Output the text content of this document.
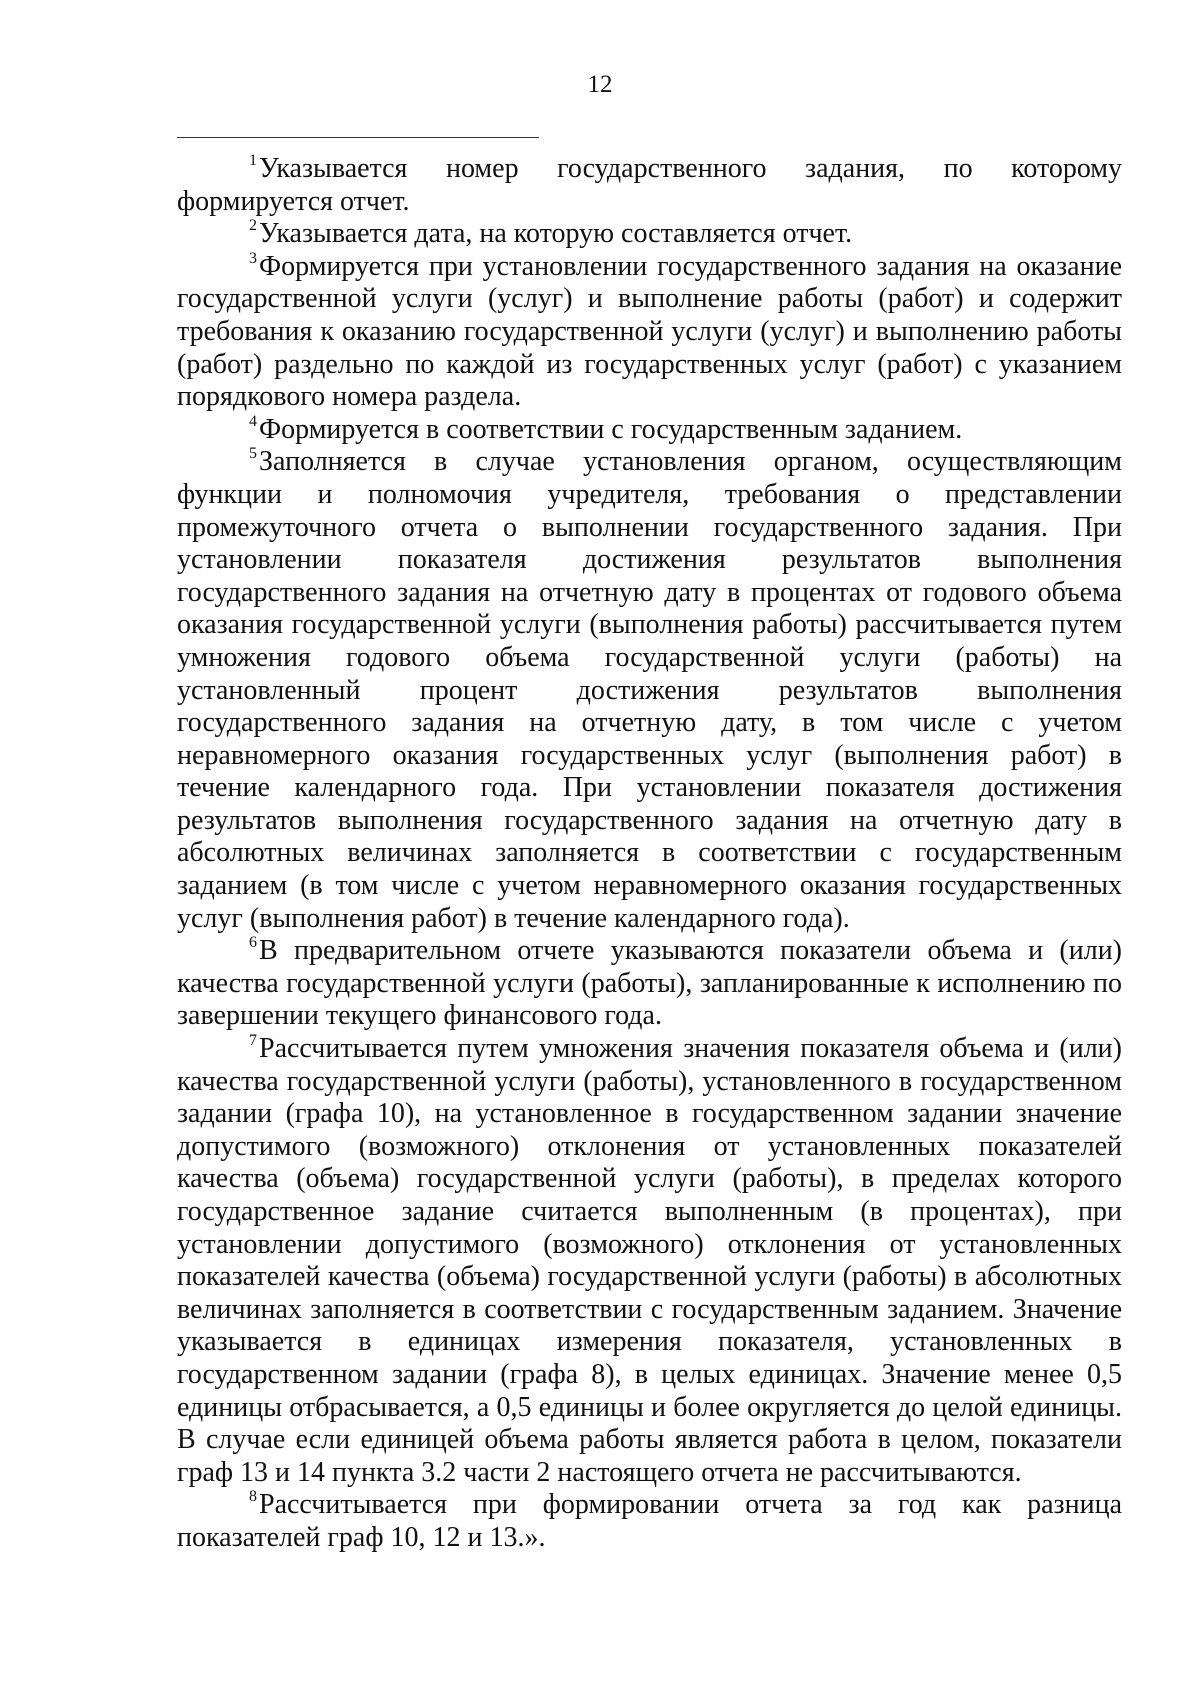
12

$^1$Указывается номер государственного задания, по которому формируется отчет.

$^2$Указывается дата, на которую составляется отчет.

$^3$Формируется при установлении государственного задания на оказание государственной услуги (услуг) и выполнение работы (работ) и содержит требования к оказанию государственной услуги (услуг) и выполнению работы (работ) раздельно по каждой из государственных услуг (работ) с указанием порядкового номера раздела.

$^4$Формируется в соответствии с государственным заданием.

$^5$Заполняется в случае установления органом, осуществляющим функции и полномочия учредителя, требования о представлении промежуточного отчета о выполнении государственного задания. При установлении показателя достижения результатов выполнения государственного задания на отчетную дату в процентах от годового объема оказания государственной услуги (выполнения работы) рассчитывается путем умножения годового объема государственной услуги (работы) на установленный процент достижения результатов выполнения государственного задания на отчетную дату, в том числе с учетом неравномерного оказания государственных услуг (выполнения работ) в течение календарного года. При установлении показателя достижения результатов выполнения государственного задания на отчетную дату в абсолютных величинах заполняется в соответствии с государственным заданием (в том числе с учетом неравномерного оказания государственных услуг (выполнения работ) в течение календарного года).

$^6$В предварительном отчете указываются показатели объема и (или) качества государственной услуги (работы), запланированные к исполнению по завершении текущего финансового года.

$^7$Рассчитывается путем умножения значения показателя объема и (или) качества государственной услуги (работы), установленного в государственном задании (графа 10), на установленное в государственном задании значение допустимого (возможного) отклонения от установленных показателей качества (объема) государственной услуги (работы), в пределах которого государственное задание считается выполненным (в процентах), при установлении допустимого (возможного) отклонения от установленных показателей качества (объема) государственной услуги (работы) в абсолютных величинах заполняется в соответствии с государственным заданием. Значение указывается в единицах измерения показателя, установленных в государственном задании (графа 8), в целых единицах. Значение менее 0,5 единицы отбрасывается, а 0,5 единицы и более округляется до целой единицы. В случае если единицей объема работы является работа в целом, показатели граф 13 и 14 пункта 3.2 части 2 настоящего отчета не рассчитываются.

$^8$Рассчитывается при формировании отчета за год как разница показателей граф 10, 12 и 13.».
